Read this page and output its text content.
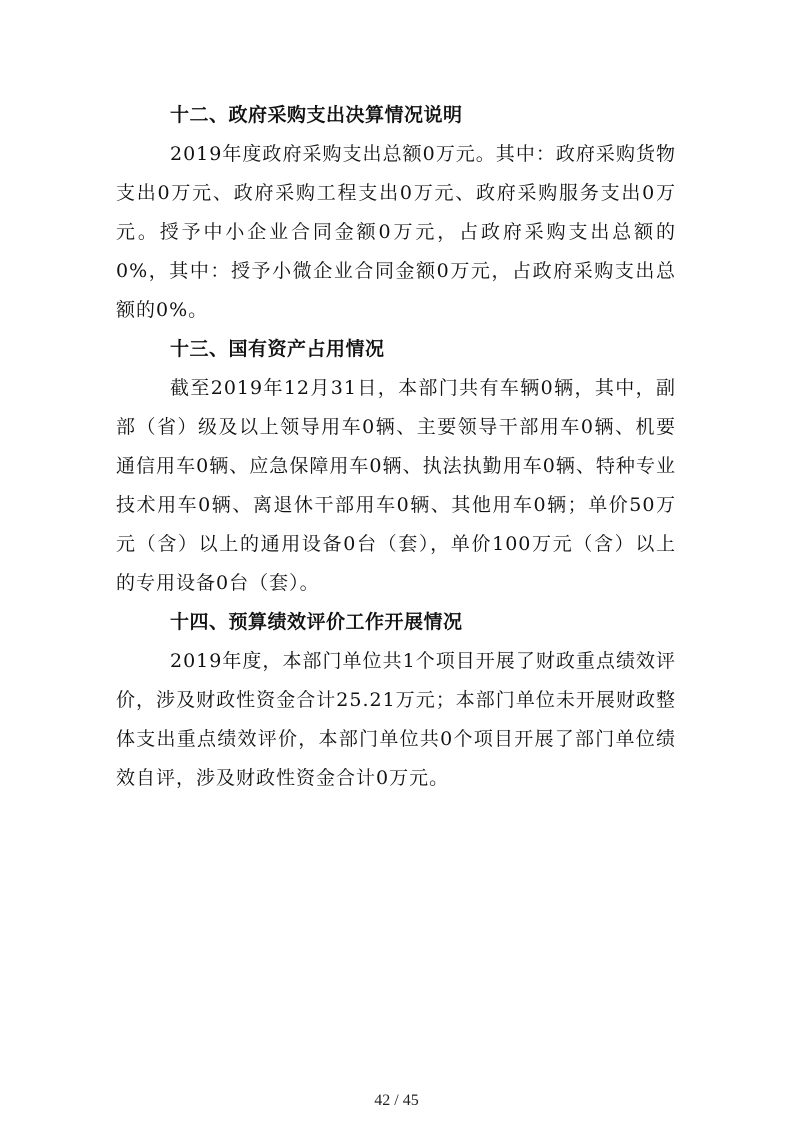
十二、政府采购支出决算情况说明

2019年度政府采购支出总额0万元。其中：政府采购货物支出0万元、政府采购工程支出0万元、政府采购服务支出0万元。授予中小企业合同金额0万元，占政府采购支出总额的0%，其中：授予小微企业合同金额0万元，占政府采购支出总额的0%。

十三、国有资产占用情况

截至2019年12月31日，本部门共有车辆0辆，其中，副部（省）级及以上领导用车0辆、主要领导干部用车0辆、机要通信用车0辆、应急保障用车0辆、执法执勤用车0辆、特种专业技术用车0辆、离退休干部用车0辆、其他用车0辆；单价50万元（含）以上的通用设备0台（套），单价100万元（含）以上的专用设备0台（套）。

十四、预算绩效评价工作开展情况

2019年度，本部门单位共1个项目开展了财政重点绩效评价，涉及财政性资金合计25.21万元；本部门单位未开展财政整体支出重点绩效评价，本部门单位共0个项目开展了部门单位绩效自评，涉及财政性资金合计0万元。

42 / 45
